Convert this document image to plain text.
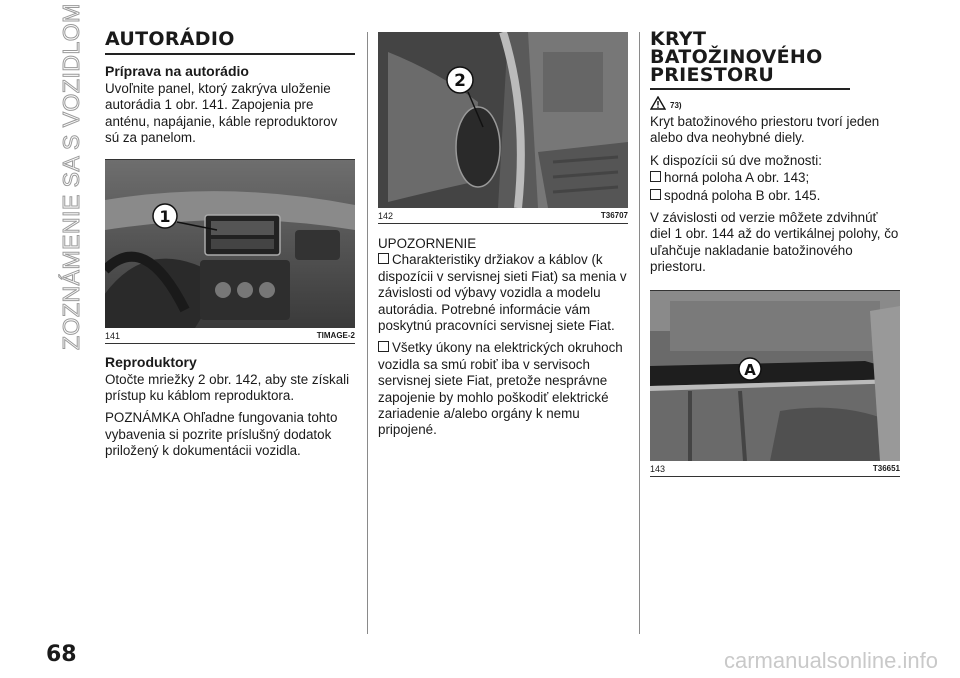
ZOZNÁMENIE SA S VOZIDLOM AUTORÁDIO
Príprava na autorádio

Uvoľnite panel, ktorý zakrýva uloženie autorádia 1 obr. 141. Zapojenia pre anténu, napájanie, káble reproduktorov sú za panelom.

1
141	TIMAGE-2
Reproduktory

Otočte mriežky 2 obr. 142, aby ste získali prístup ku káblom reproduktora.

POZNÁMKA Ohľadne fungovania tohto vybavenia si pozrite príslušný dodatok priložený k dokumentácii vozidla.

2
142	T36707

UPOZORNENIE

Charakteristiky držiakov a káblov (k dispozícii v servisnej sieti Fiat) sa menia v závislosti od výbavy vozidla a modelu autorádia. Potrebné informácie vám poskytnú pracovníci servisnej siete Fiat.

Všetky úkony na elektrických okruhoch vozidla sa smú robiť iba v servisoch servisnej siete Fiat, pretože nesprávne zapojenie by mohlo poškodiť elektrické zariadenie a/alebo orgány k nemu pripojené.

KRYT BATOŽINOVÉHO PRIESTORU
73)

Kryt batožinového priestoru tvorí jeden alebo dva neohybné diely.

K dispozícii sú dve možnosti:

horná poloha A obr. 143;

spodná poloha B obr. 145.

V závislosti od verzie môžete zdvihnúť diel 1 obr. 144 až do vertikálnej polohy, čo uľahčuje nakladanie batožinového priestoru.

A
143	T36651
68	carmanualsonline.info
